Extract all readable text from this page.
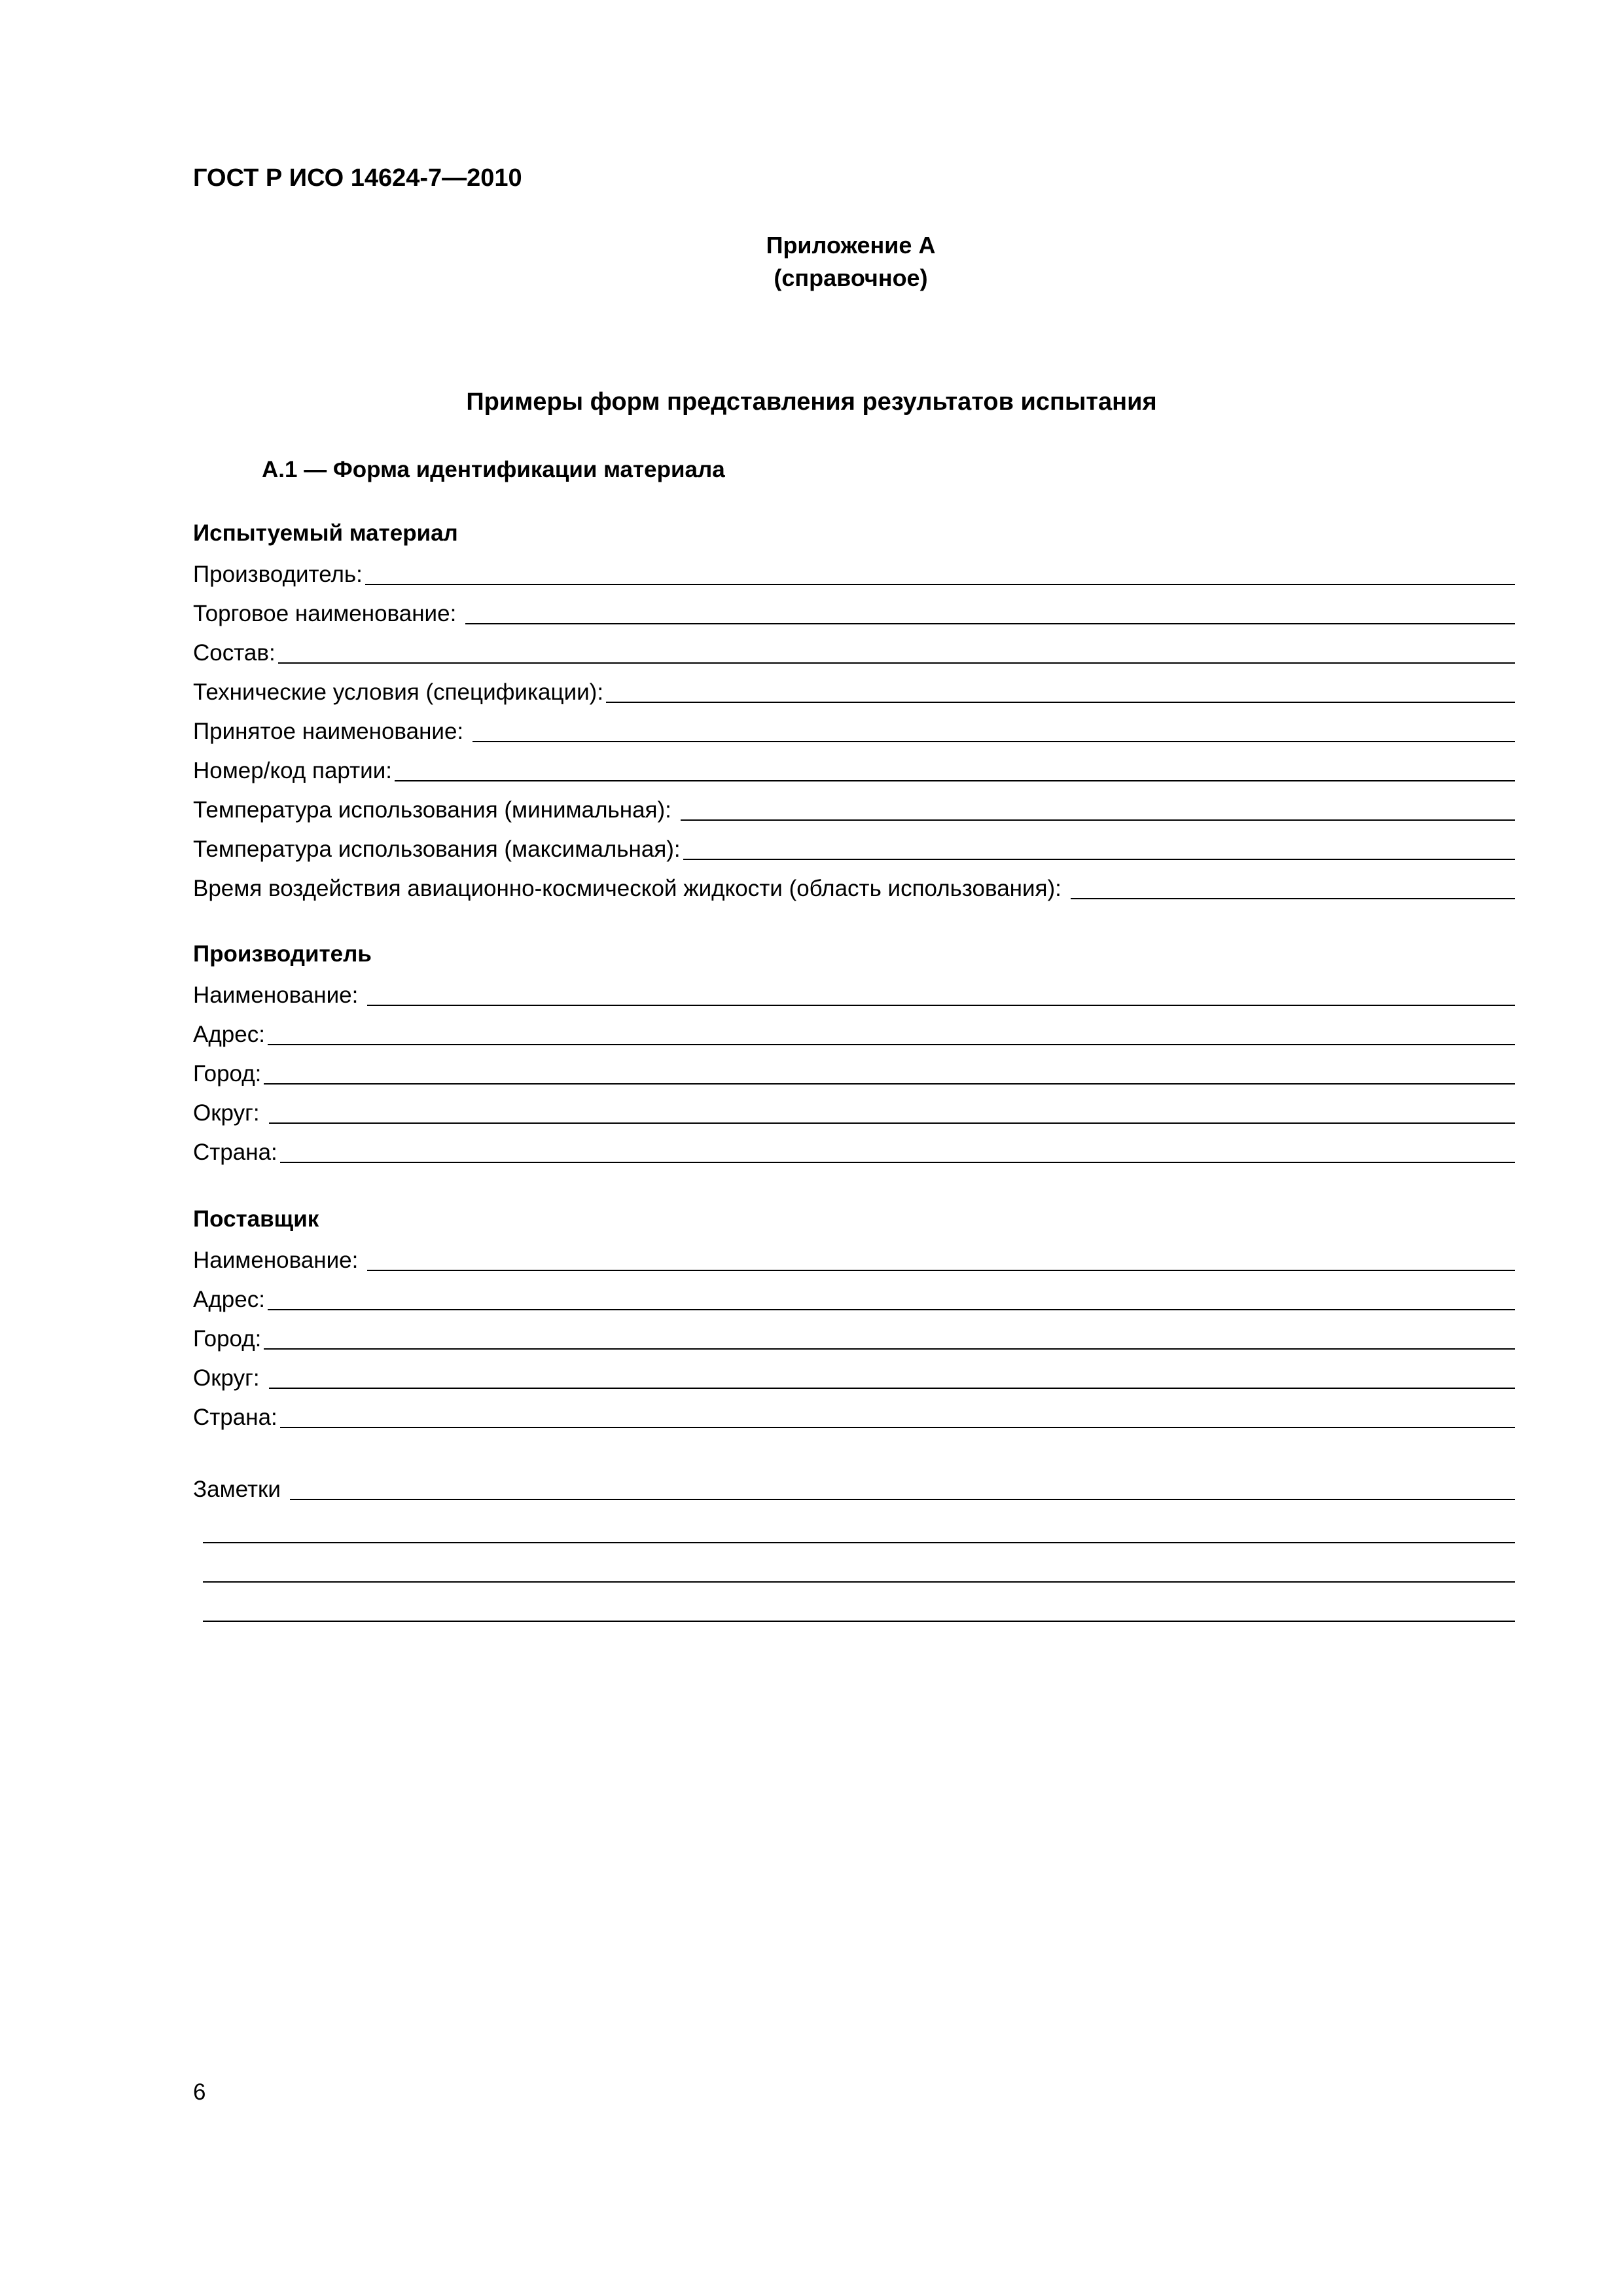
ГОСТ Р ИСО 14624-7—2010
Приложение А
(справочное)
Примеры форм представления результатов испытания
А.1 — Форма идентификации материала
Испытуемый материал
Производитель:
Торговое наименование:
Состав:
Технические условия (спецификации):
Принятое наименование:
Номер/код партии:
Температура использования (минимальная):
Температура использования (максимальная):
Время воздействия авиационно-космической жидкости (область использования):
Производитель
Наименование:
Адрес:
Город:
Округ:
Страна:
Поставщик
Наименование:
Адрес:
Город:
Округ:
Страна:
Заметки
6
